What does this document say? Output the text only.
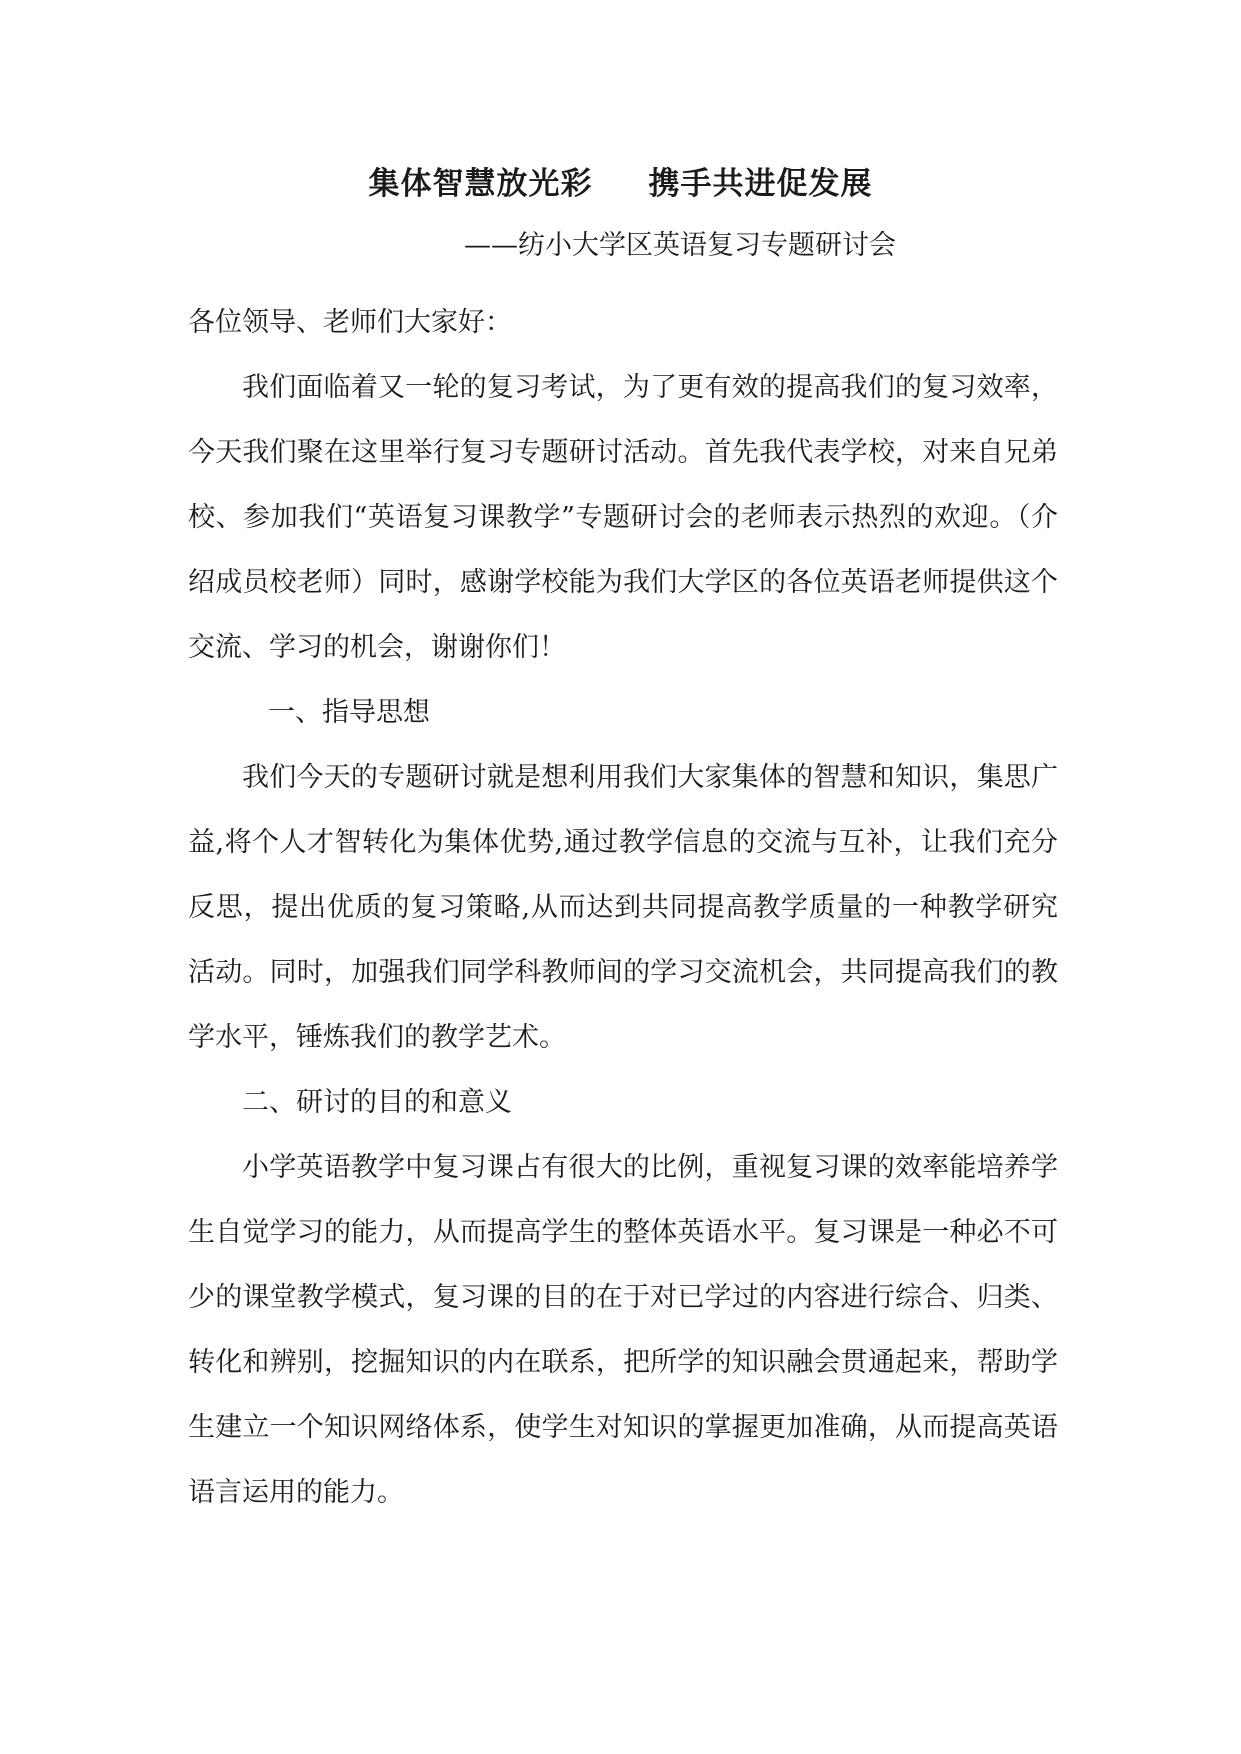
集体智慧放光彩 携手共进促发展

——纺小大学区英语复习专题研讨会

各位领导、老师们大家好：

我们面临着又一轮的复习考试，为了更有效的提高我们的复习效率，今天我们聚在这里举行复习专题研讨活动。首先我代表学校，对来自兄弟校、参加我们“英语复习课教学”专题研讨会的老师表示热烈的欢迎。（介绍成员校老师）同时，感谢学校能为我们大学区的各位英语老师提供这个交流、学习的机会，谢谢你们！

一、指导思想

我们今天的专题研讨就是想利用我们大家集体的智慧和知识，集思广益,将个人才智转化为集体优势,通过教学信息的交流与互补，让我们充分反思，提出优质的复习策略,从而达到共同提高教学质量的一种教学研究活动。同时，加强我们同学科教师间的学习交流机会，共同提高我们的教学水平，锤炼我们的教学艺术。

二、研讨的目的和意义

小学英语教学中复习课占有很大的比例，重视复习课的效率能培养学生自觉学习的能力，从而提高学生的整体英语水平。复习课是一种必不可少的课堂教学模式，复习课的目的在于对已学过的内容进行综合、归类、转化和辨别，挖掘知识的内在联系，把所学的知识融会贯通起来，帮助学生建立一个知识网络体系，使学生对知识的掌握更加准确，从而提高英语语言运用的能力。
